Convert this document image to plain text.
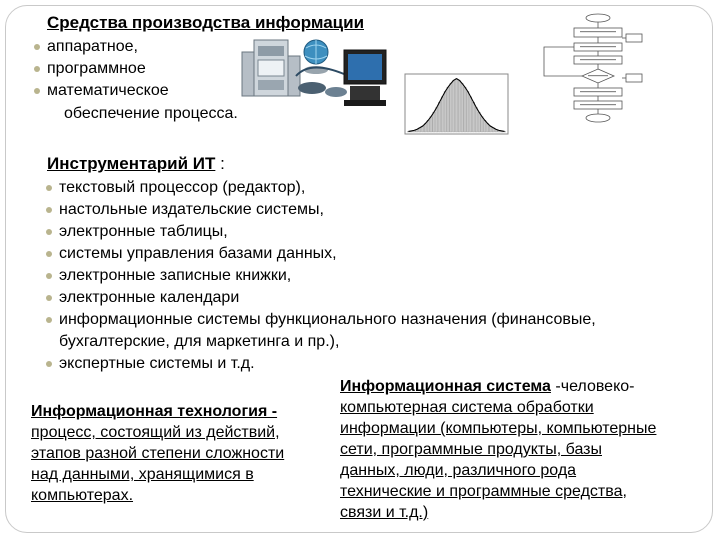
Средства производства информации
аппаратное,
программное
математическое
обеспечение процесса.
Инструментарий ИТ :
текстовый процессор (редактор),
настольные издательские системы,
электронные таблицы,
системы управления базами данных,
электронные записные книжки,
электронные календари
информационные системы функционального назначения (финансовые,
бухгалтерские, для маркетинга и пр.),
экспертные системы и т.д.
Информационная технология -
процесс, состоящий из действий,
этапов разной степени сложности
над данными, хранящимися в
компьютерах.
Информационная система -человеко-
компьютерная система обработки
информации (компьютеры, компьютерные
сети, программные продукты, базы
данных, люди, различного рода
технические и программные средства,
связи и т.д.)
